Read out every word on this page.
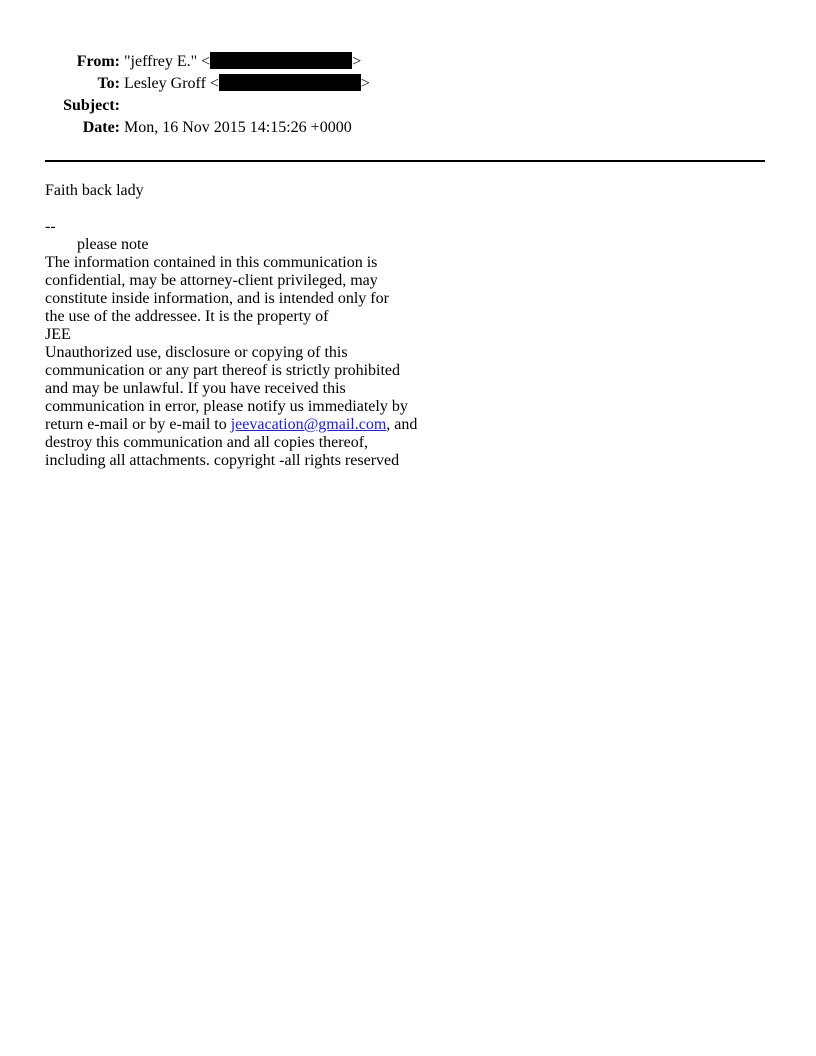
From:	"jeffrey E." < >
To:	Lesley Groff < >
Subject:	
Date:	Mon, 16 Nov 2015 14:15:26 +0000

Faith back lady

--

please note

The information contained in this communication is

confidential, may be attorney-client privileged, may

constitute inside information, and is intended only for

the use of the addressee. It is the property of

JEE

Unauthorized use, disclosure or copying of this

communication or any part thereof is strictly prohibited

and may be unlawful. If you have received this

communication in error, please notify us immediately by

return e-mail or by e-mail to jeevacation@gmail.com, and

destroy this communication and all copies thereof,

including all attachments. copyright -all rights reserved
